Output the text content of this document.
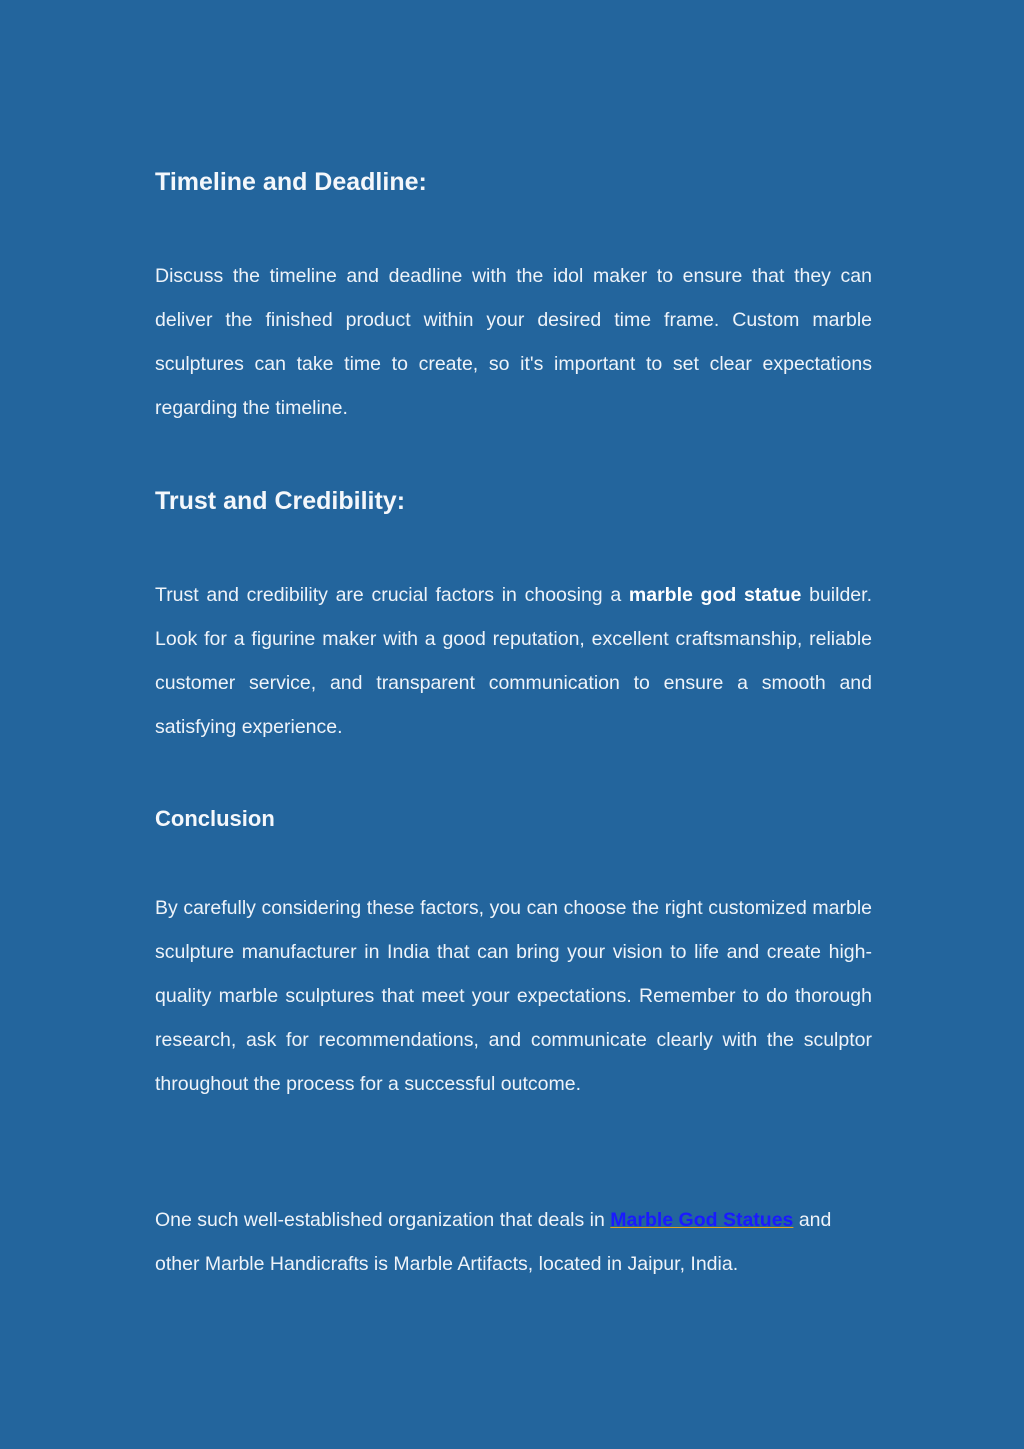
Timeline and Deadline:

Discuss the timeline and deadline with the idol maker to ensure that they can deliver the finished product within your desired time frame. Custom marble sculptures can take time to create, so it's important to set clear expectations regarding the timeline.

Trust and Credibility:

Trust and credibility are crucial factors in choosing a marble god statue builder. Look for a figurine maker with a good reputation, excellent craftsmanship, reliable customer service, and transparent communication to ensure a smooth and satisfying experience.

Conclusion

By carefully considering these factors, you can choose the right customized marble sculpture manufacturer in India that can bring your vision to life and create high-quality marble sculptures that meet your expectations. Remember to do thorough research, ask for recommendations, and communicate clearly with the sculptor throughout the process for a successful outcome.

One such well-established organization that deals in Marble God Statues and other Marble Handicrafts is Marble Artifacts, located in Jaipur, India.
